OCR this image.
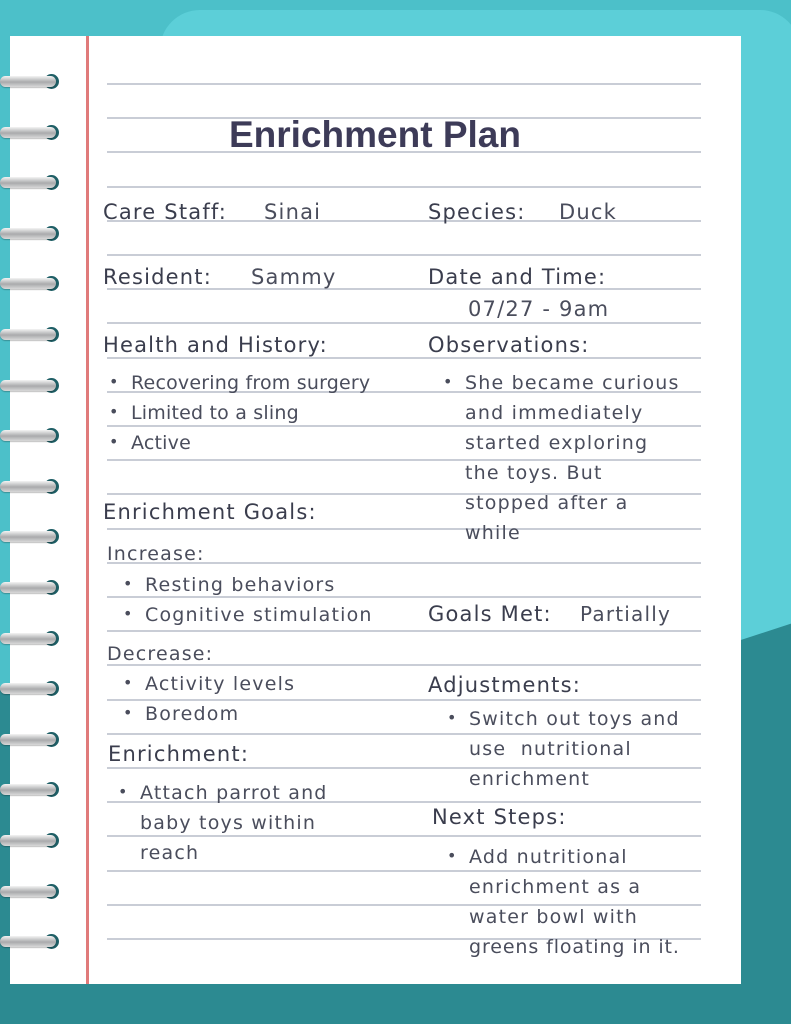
Enrichment Plan
Care Staff: Sinai	Species: Duck
Resident: Sammy	Date and Time:
07/27 - 9am
Health and History:
• Recovering from surgery
• Limited to a sling
• Active
Observations:
• She became curious
and immediately
started exploring
the toys. But
stopped after a
while
Enrichment Goals:
Increase:
• Resting behaviors
• Cognitive stimulation
Decrease:
• Activity levels
• Boredom
Goals Met: Partially
Adjustments:
• Switch out toys and
use  nutritional
enrichment
Enrichment:
• Attach parrot and
baby toys within
reach
Next Steps:
• Add nutritional
enrichment as a
water bowl with
greens floating in it.
